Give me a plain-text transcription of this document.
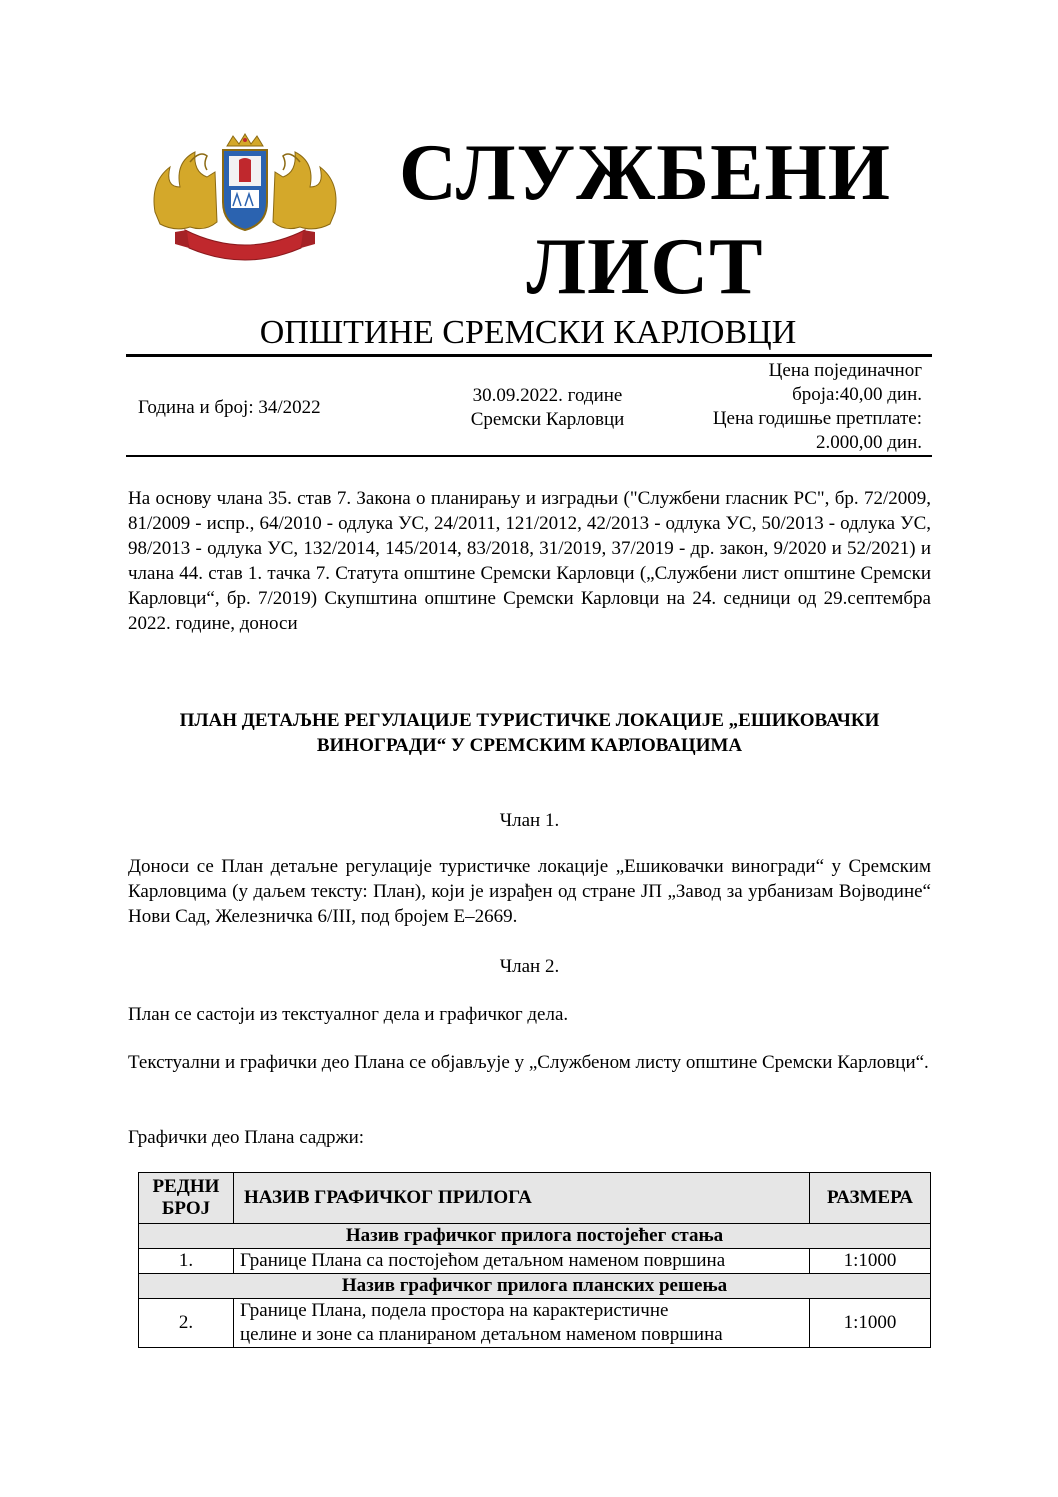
СЛУЖБЕНИ
ЛИСТ
ОПШТИНЕ СРЕМСКИ КАРЛОВЦИ
Година и број: 34/2022
30.09.2022. године
Сремски Карловци
Цена појединачног
броја:40,00 дин.
Цена годишње претплате:
2.000,00 дин.
На основу члана 35. став 7. Закона о планирању и изградњи ("Службени гласник РС", бр. 72/2009, 81/2009 - испр., 64/2010 - одлука УС, 24/2011, 121/2012, 42/2013 - одлука УС, 50/2013 - одлука УС, 98/2013 - одлука УС, 132/2014, 145/2014, 83/2018, 31/2019, 37/2019 - др. закон, 9/2020 и 52/2021) и члана 44. став 1. тачка 7. Статута општине Сремски Карловци („Службени лист општине Сремски Карловци“, бр. 7/2019) Скупштина општине Сремски Карловци на 24. седници од 29.септембра 2022. године, доноси
ПЛАН ДЕТАЉНЕ РЕГУЛАЦИЈЕ ТУРИСТИЧКЕ ЛОКАЦИЈЕ „ЕШИКОВАЧКИ
ВИНОГРАДИ“ У СРЕМСКИМ КАРЛОВАЦИМА
Члан 1.
Доноси се План детаљне регулације туристичке локације „Ешиковачки виногради“ у Сремским Карловцима (у даљем тексту: План), који је израђен од стране ЈП „Завод за урбанизам Војводине“ Нови Сад, Железничка 6/III, под бројем Е–2669.
Члан 2.
План се састоји из текстуалног дела и графичког дела.
Текстуални и графички део Плана се објављује у „Службеном листу општине Сремски Карловци“.
Графички део Плана садржи:
РЕДНИ
БРОЈ	НАЗИВ ГРАФИЧКОГ ПРИЛОГА	РАЗМЕРА
Назив графичког прилога постојећег стања		
1.	Границе Плана са постојећом детаљном наменом површина	1:1000
Назив графичког прилога планских решења		
2.	Границе Плана, подела простора на карактеристичне
целине и зоне са планираном детаљном наменом површина	1:1000
